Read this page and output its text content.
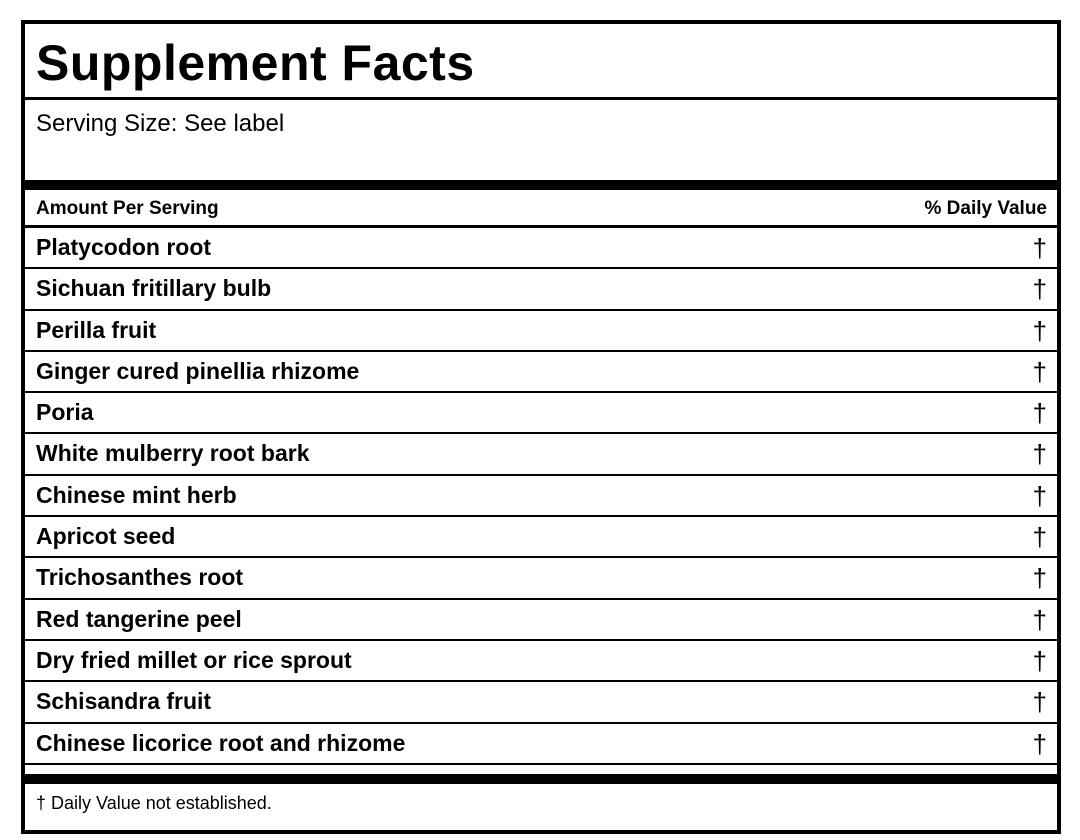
Supplement Facts
Serving Size: See label
Amount Per Serving	% Daily Value
Platycodon root	†
Sichuan fritillary bulb	†
Perilla fruit	†
Ginger cured pinellia rhizome	†
Poria	†
White mulberry root bark	†
Chinese mint herb	†
Apricot seed	†
Trichosanthes root	†
Red tangerine peel	†
Dry fried millet or rice sprout	†
Schisandra fruit	†
Chinese licorice root and rhizome	†
† Daily Value not established.
